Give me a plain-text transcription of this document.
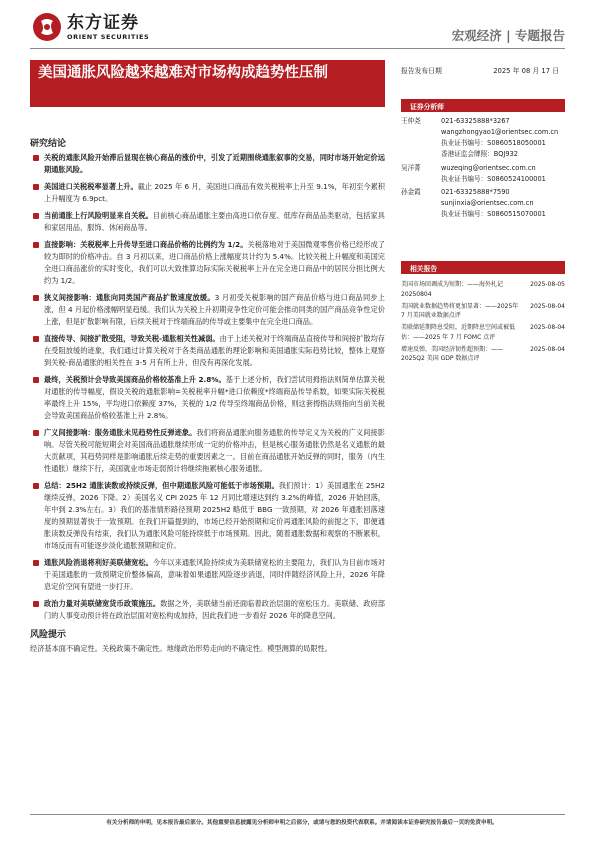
东方证券
ORIENT SECURITIES	宏观经济 | 专题报告
美国通胀风险越来越难对市场构成趋势性压制	报告发布日期	2025 年 08 月 17 日
证券分析师
王仲尧	021-63325888*3267
wangzhongyao1@orientsec.com.cn
执业证书编号：S0860518050001
香港证监会牌照：BQJ932
吴洋菁	wuzeqing@orientsec.com.cn
执业证书编号：S0860524100001
孙金霞	021-63325888*7590
sunjinxia@orientsec.com.cn
执业证书编号：S0860515070001
相关报告
美国市场回调成为短期：——海外札记20250804
2025-08-05
美国就业数据趋势将更加显著：——2025年 7 月美国就业数据点评
2025-08-04
美联储延期降息受阻，近期降息空间或被低估：——2025 年 7 月 FOMC 点评
2025-08-04
增速反弹，美国经济韧性超预期：——2025Q2 美国 GDP 数据点评
2025-08-04
研究结论
关税的通胀风险开始滞后显现在核心商品的涨价中，引发了近期围绕通胀叙事的交易，同时市场开始定价远期通胀风险。
美国进口关税税率显著上升。截止 2025 年 6 月，美国进口商品有效关税税率上升至 9.1%，年初至今累积上升幅度为 6.9pct。
当前通胀上行风险明显来自关税。目前核心商品通胀主要由高进口依存度、低库存商品品类驱动，包括家具和家居用品、服饰、休闲商品等。
直接影响：关税税率上升传导至进口商品价格的比例约为 1/2。关税落地对于美国微观零售价格已经形成了较为即时的价格冲击。自 3 月初以来，进口商品价格上涨幅度共计约为 5.4%。比较关税上升幅度和美国完全进口商品涨价的实时变化，我们可以大致推算边际实际关税税率上升在完全进口商品中的居民分担比例大约为 1/2。
狭义间接影响：通胀向同类国产商品扩散速度放缓。3 月初受关税影响的国产商品价格与进口商品同步上涨，但 4 月起价格涨幅明显趋缓。我们认为关税上升初期竞争性定价可能会推动同类的国产商品竞争性定价上涨，但是扩散影响有限，后续关税对于终端商品的传导或主要集中在完全进口商品。
直接传导、间接扩散受阻，导致关税-通胀相关性减弱。由于上述关税对于终端商品直接传导和间接扩散均存在受阻放缓的迹象，我们通过计算关税对于各类商品通胀的理论影响和美国通胀实际趋势比较，整体上观察到关税-商品通胀的相关性在 3-5 月有所上升，但没有再深化发展。
最终，关税预计会导致美国商品价格较基准上升 2.8%。基于上述分析，我们尝试用拇指法则简单估算关税对通胀的传导幅度，假设关税的通胀影响=关税税率升幅*进口依赖度*终端商品传导系数，如果实际关税税率最终上升 15%，平均进口依赖度 37%，关税的 1/2 传导至终端商品价格，则这套拇指法则指向当前关税会导致美国商品价格较基准上升 2.8%。
广义间接影响：服务通胀未见趋势性反弹迹象。我们将商品通胀向服务通胀的传导定义为关税的广义间接影响。尽管关税可能短期会对美国商品通胀继续形成一定的价格冲击，但是核心服务通胀仍然是名义通胀的最大贡献项，其趋势同样是影响通胀后续走势的重要因素之一。目前在商品通胀开始反弹的同时，服务（内生性通胀）继续下行，美国就业市场走弱预计将继续拖累核心服务通胀。
总结：25H2 通胀读数或持续反弹，但中期通胀风险可能低于市场预期。我们预计：1）美国通胀在 25H2 继续反弹，2026 下降。2）美国名义 CPI 2025 年 12 月同比增速达到约 3.2%的峰值，2026 开始回落，年中到 2.3%左右。3）我们的基准情形路径预期 2025H2 略低于 BBG 一致预期，对 2026 年通胀回落速度的预期显著快于一致预期。在我们开篇提到的，市场已经开始预期和定价再通胀风险的前提之下，即便通胀读数反弹没有结束，我们认为通胀风险可能持续低于市场预期。因此，随着通胀数据和观察的不断累积，市场反而有可能逐步淡化通胀预期和定价。
通胀风险消退将利好美联储宽松。今年以来通胀风险持续成为美联储宽松的主要阻力，我们认为目前市场对于美国通胀的一致预期定价整体偏高，意味着如果通胀风险逐步消退，同时伴随经济风险上升，2026 年降息定价空间有望进一步打开。
政治力量对美联储宽货币政策施压。数据之外，美联储当前还面临着政治层面的宽松压力。美联储、政府部门的人事变动预计将在政治层面对宽松构成加持，因此我们进一步看好 2026 年的降息空间。
风险提示
经济基本面不确定性。关税政策不确定性。地缘政治形势走向的不确定性。模型测算的局限性。
有关分析师的申明，见本报告最后部分。其他重要信息披露见分析师申明之后部分，或请与您的投资代表联系。并请阅读本证券研究报告最后一页的免责申明。
